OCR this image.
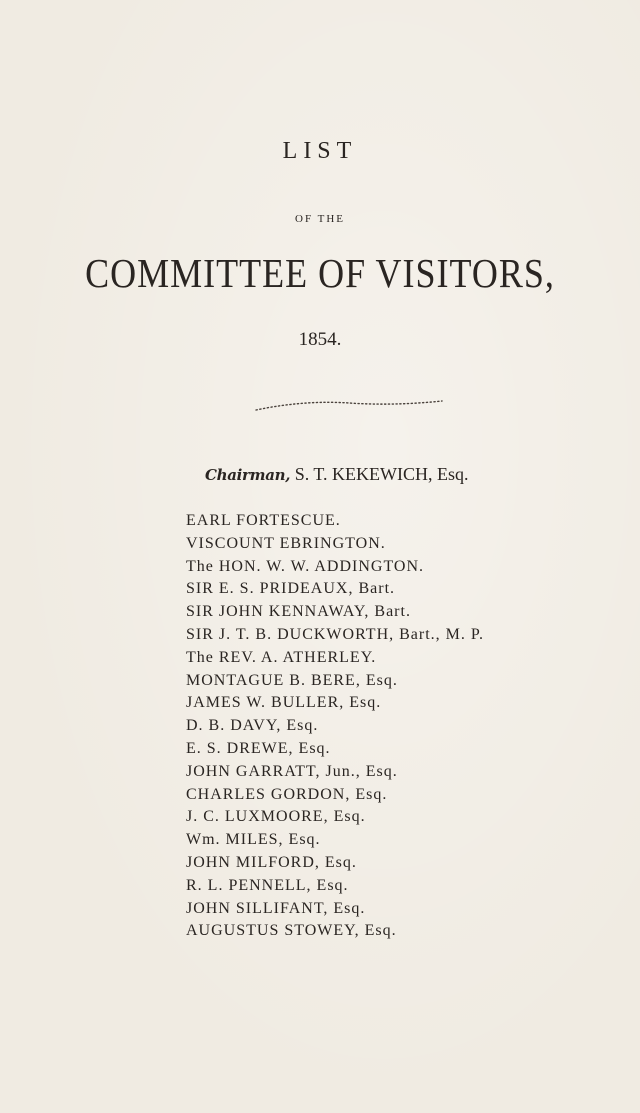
LIST
OF THE
COMMITTEE OF VISITORS,
1854.
Chairman, S. T. KEKEWICH, Esq.
EARL FORTESCUE.
VISCOUNT EBRINGTON.
The HON. W. W. ADDINGTON.
SIR E. S. PRIDEAUX, Bart.
SIR JOHN KENNAWAY, Bart.
SIR J. T. B. DUCKWORTH, Bart., M. P.
The REV. A. ATHERLEY.
MONTAGUE B. BERE, Esq.
JAMES W. BULLER, Esq.
D. B. DAVY, Esq.
E. S. DREWE, Esq.
JOHN GARRATT, Jun., Esq.
CHARLES GORDON, Esq.
J. C. LUXMOORE, Esq.
Wm. MILES, Esq.
JOHN MILFORD, Esq.
R. L. PENNELL, Esq.
JOHN SILLIFANT, Esq.
AUGUSTUS STOWEY, Esq.
